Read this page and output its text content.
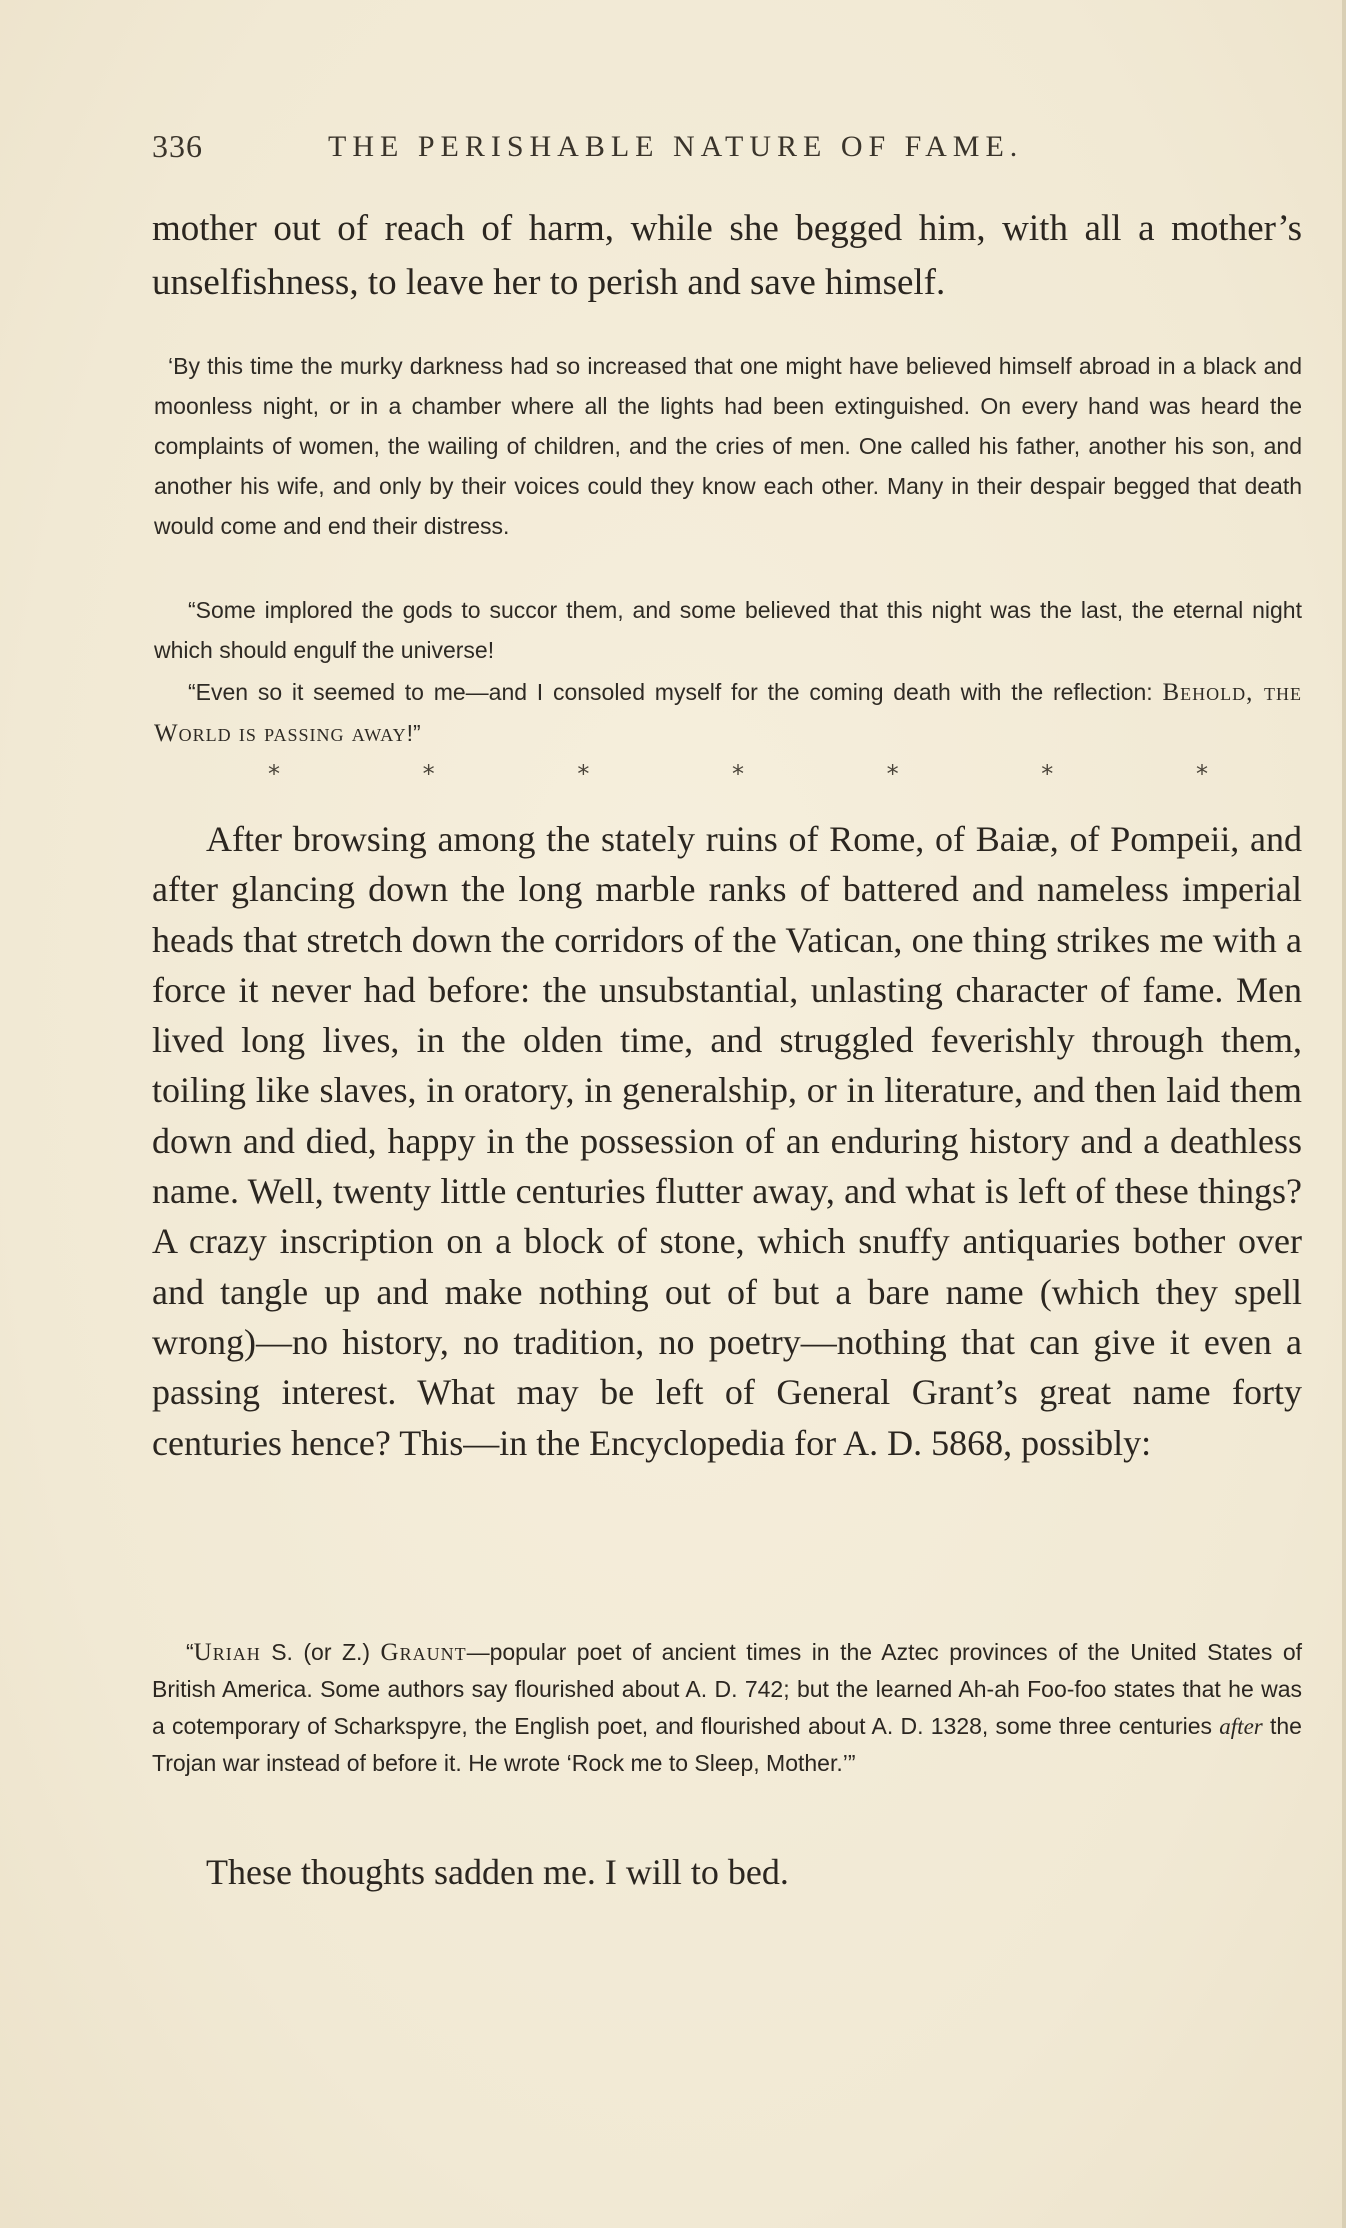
336	THE PERISHABLE NATURE OF FAME.

mother out of reach of harm, while she begged him, with all a mother’s unselfishness, to leave her to perish and save himself.

‘By this time the murky darkness had so increased that one might have believed himself abroad in a black and moonless night, or in a chamber where all the lights had been extinguished. On every hand was heard the complaints of women, the wailing of children, and the cries of men. One called his father, another his son, and another his wife, and only by their voices could they know each other. Many in their despair begged that death would come and end their distress.

“Some implored the gods to succor them, and some believed that this night was the last, the eternal night which should engulf the universe!

“Even so it seemed to me—and I consoled myself for the coming death with the reflection: Behold, the World is passing away!”

*	*	*	*	*	*	*

After browsing among the stately ruins of Rome, of Baiæ, of Pompeii, and after glancing down the long marble ranks of battered and nameless imperial heads that stretch down the corridors of the Vatican, one thing strikes me with a force it never had before: the unsubstantial, unlasting character of fame. Men lived long lives, in the olden time, and struggled feverishly through them, toiling like slaves, in oratory, in generalship, or in literature, and then laid them down and died, happy in the possession of an enduring history and a deathless name. Well, twenty little centuries flutter away, and what is left of these things? A crazy inscription on a block of stone, which snuffy antiquaries bother over and tangle up and make nothing out of but a bare name (which they spell wrong)—no history, no tradition, no poetry—nothing that can give it even a passing interest. What may be left of General Grant’s great name forty centuries hence? This—in the Encyclopedia for A. D. 5868, possibly:

“Uriah S. (or Z.) Graunt—popular poet of ancient times in the Aztec provinces of the United States of British America. Some authors say flourished about A. D. 742; but the learned Ah-ah Foo-foo states that he was a cotemporary of Scharkspyre, the English poet, and flourished about A. D. 1328, some three centuries after the Trojan war instead of before it. He wrote ‘Rock me to Sleep, Mother.’”

These thoughts sadden me. I will to bed.
